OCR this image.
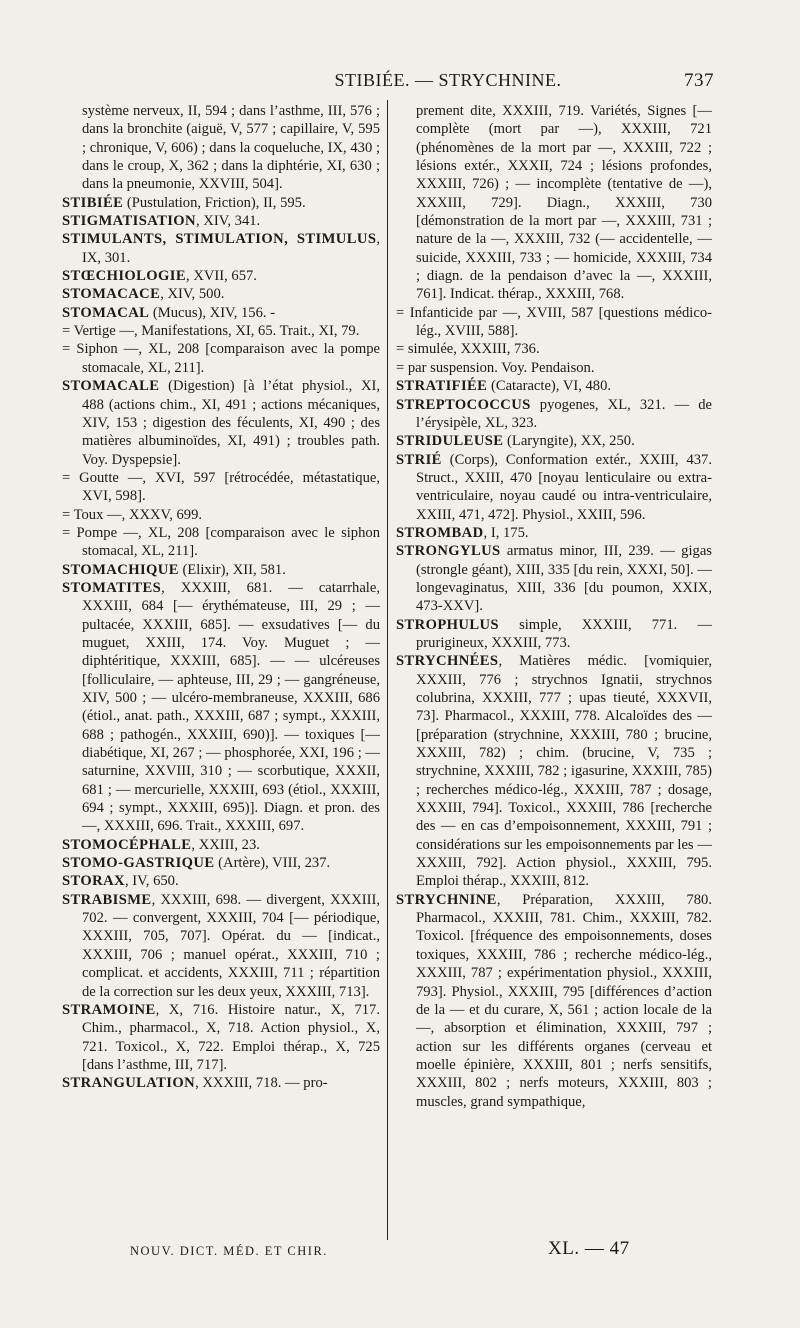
STIBIÉE. — STRYCHNINE.	737

système nerveux, II, 594 ; dans l’asthme, III, 576 ; dans la bronchite (aiguë, V, 577 ; capillaire, V, 595 ; chronique, V, 606) ; dans la coqueluche, IX, 430 ; dans le croup, X, 362 ; dans la diphtérie, XI, 630 ; dans la pneumonie, XXVIII, 504].

STIBIÉE (Pustulation, Friction), II, 595.

STIGMATISATION, XIV, 341.

STIMULANTS, STIMULATION, STIMULUS, IX, 301.

STŒCHIOLOGIE, XVII, 657.

STOMACACE, XIV, 500.

STOMACAL (Mucus), XIV, 156. -

= Vertige —, Manifestations, XI, 65. Trait., XI, 79.

= Siphon —, XL, 208 [comparaison avec la pompe stomacale, XL, 211].

STOMACALE (Digestion) [à l’état physiol., XI, 488 (actions chim., XI, 491 ; actions mécaniques, XIV, 153 ; digestion des féculents, XI, 490 ; des matières albuminoïdes, XI, 491) ; troubles path. Voy. Dyspepsie].

= Goutte —, XVI, 597 [rétrocédée, métastatique, XVI, 598].

= Toux —, XXXV, 699.

= Pompe —, XL, 208 [comparaison avec le siphon stomacal, XL, 211].

STOMACHIQUE (Elixir), XII, 581.

STOMATITES, XXXIII, 681. — catarrhale, XXXIII, 684 [— érythémateuse, III, 29 ; — pultacée, XXXIII, 685]. — exsudatives [— du muguet, XXIII, 174. Voy. Muguet ; — diphtéritique, XXXIII, 685]. — — ulcéreuses [folliculaire, — aphteuse, III, 29 ; — gangréneuse, XIV, 500 ; — ulcéro-membraneuse, XXXIII, 686 (étiol., anat. path., XXXIII, 687 ; sympt., XXXIII, 688 ; pathogén., XXXIII, 690)]. — toxiques [— diabétique, XI, 267 ; — phosphorée, XXI, 196 ; — saturnine, XXVIII, 310 ; — scorbutique, XXXII, 681 ; — mercurielle, XXXIII, 693 (étiol., XXXIII, 694 ; sympt., XXXIII, 695)]. Diagn. et pron. des —, XXXIII, 696. Trait., XXXIII, 697.

STOMOCÉPHALE, XXIII, 23.

STOMO-GASTRIQUE (Artère), VIII, 237.

STORAX, IV, 650.

STRABISME, XXXIII, 698. — divergent, XXXIII, 702. — convergent, XXXIII, 704 [— périodique, XXXIII, 705, 707]. Opérat. du — [indicat., XXXIII, 706 ; manuel opérat., XXXIII, 710 ; complicat. et accidents, XXXIII, 711 ; répartition de la correction sur les deux yeux, XXXIII, 713].

STRAMOINE, X, 716. Histoire natur., X, 717. Chim., pharmacol., X, 718. Action physiol., X, 721. Toxicol., X, 722. Emploi thérap., X, 725 [dans l’asthme, III, 717].

STRANGULATION, XXXIII, 718. — pro-

prement dite, XXXIII, 719. Variétés, Signes [— complète (mort par —), XXXIII, 721 (phénomènes de la mort par —, XXXIII, 722 ; lésions extér., XXXII, 724 ; lésions profondes, XXXIII, 726) ; — incomplète (tentative de —), XXXIII, 729]. Diagn., XXXIII, 730 [démonstration de la mort par —, XXXIII, 731 ; nature de la —, XXXIII, 732 (— accidentelle, — suicide, XXXIII, 733 ; — homicide, XXXIII, 734 ; diagn. de la pendaison d’avec la —, XXXIII, 761]. Indicat. thérap., XXXIII, 768.

= Infanticide par —, XVIII, 587 [questions médico-lég., XVIII, 588].

= simulée, XXXIII, 736.

= par suspension. Voy. Pendaison.

STRATIFIÉE (Cataracte), VI, 480.

STREPTOCOCCUS pyogenes, XL, 321. — de l’érysipèle, XL, 323.

STRIDULEUSE (Laryngite), XX, 250.

STRIÉ (Corps), Conformation extér., XXIII, 437. Struct., XXIII, 470 [noyau lenticulaire ou extra-ventriculaire, noyau caudé ou intra-ventriculaire, XXIII, 471, 472]. Physiol., XXIII, 596.

STROMBAD, I, 175.

STRONGYLUS armatus minor, III, 239. — gigas (strongle géant), XIII, 335 [du rein, XXXI, 50]. — longevaginatus, XIII, 336 [du poumon, XXIX, 473-XXV].

STROPHULUS simple, XXXIII, 771. — prurigineux, XXXIII, 773.

STRYCHNÉES, Matières médic. [vomiquier, XXXIII, 776 ; strychnos Ignatii, strychnos colubrina, XXXIII, 777 ; upas tieuté, XXXVII, 73]. Pharmacol., XXXIII, 778. Alcaloïdes des — [préparation (strychnine, XXXIII, 780 ; brucine, XXXIII, 782) ; chim. (brucine, V, 735 ; strychnine, XXXIII, 782 ; igasurine, XXXIII, 785) ; recherches médico-lég., XXXIII, 787 ; dosage, XXXIII, 794]. Toxicol., XXXIII, 786 [recherche des — en cas d’empoisonnement, XXXIII, 791 ; considérations sur les empoisonnements par les — XXXIII, 792]. Action physiol., XXXIII, 795. Emploi thérap., XXXIII, 812.

STRYCHNINE, Préparation, XXXIII, 780. Pharmacol., XXXIII, 781. Chim., XXXIII, 782. Toxicol. [fréquence des empoisonnements, doses toxiques, XXXIII, 786 ; recherche médico-lég., XXXIII, 787 ; expérimentation physiol., XXXIII, 793]. Physiol., XXXIII, 795 [différences d’action de la — et du curare, X, 561 ; action locale de la —, absorption et élimination, XXXIII, 797 ; action sur les différents organes (cerveau et moelle épinière, XXXIII, 801 ; nerfs sensitifs, XXXIII, 802 ; nerfs moteurs, XXXIII, 803 ; muscles, grand sympathique,

NOUV. DICT. MÉD. ET CHIR.	XL. — 47
